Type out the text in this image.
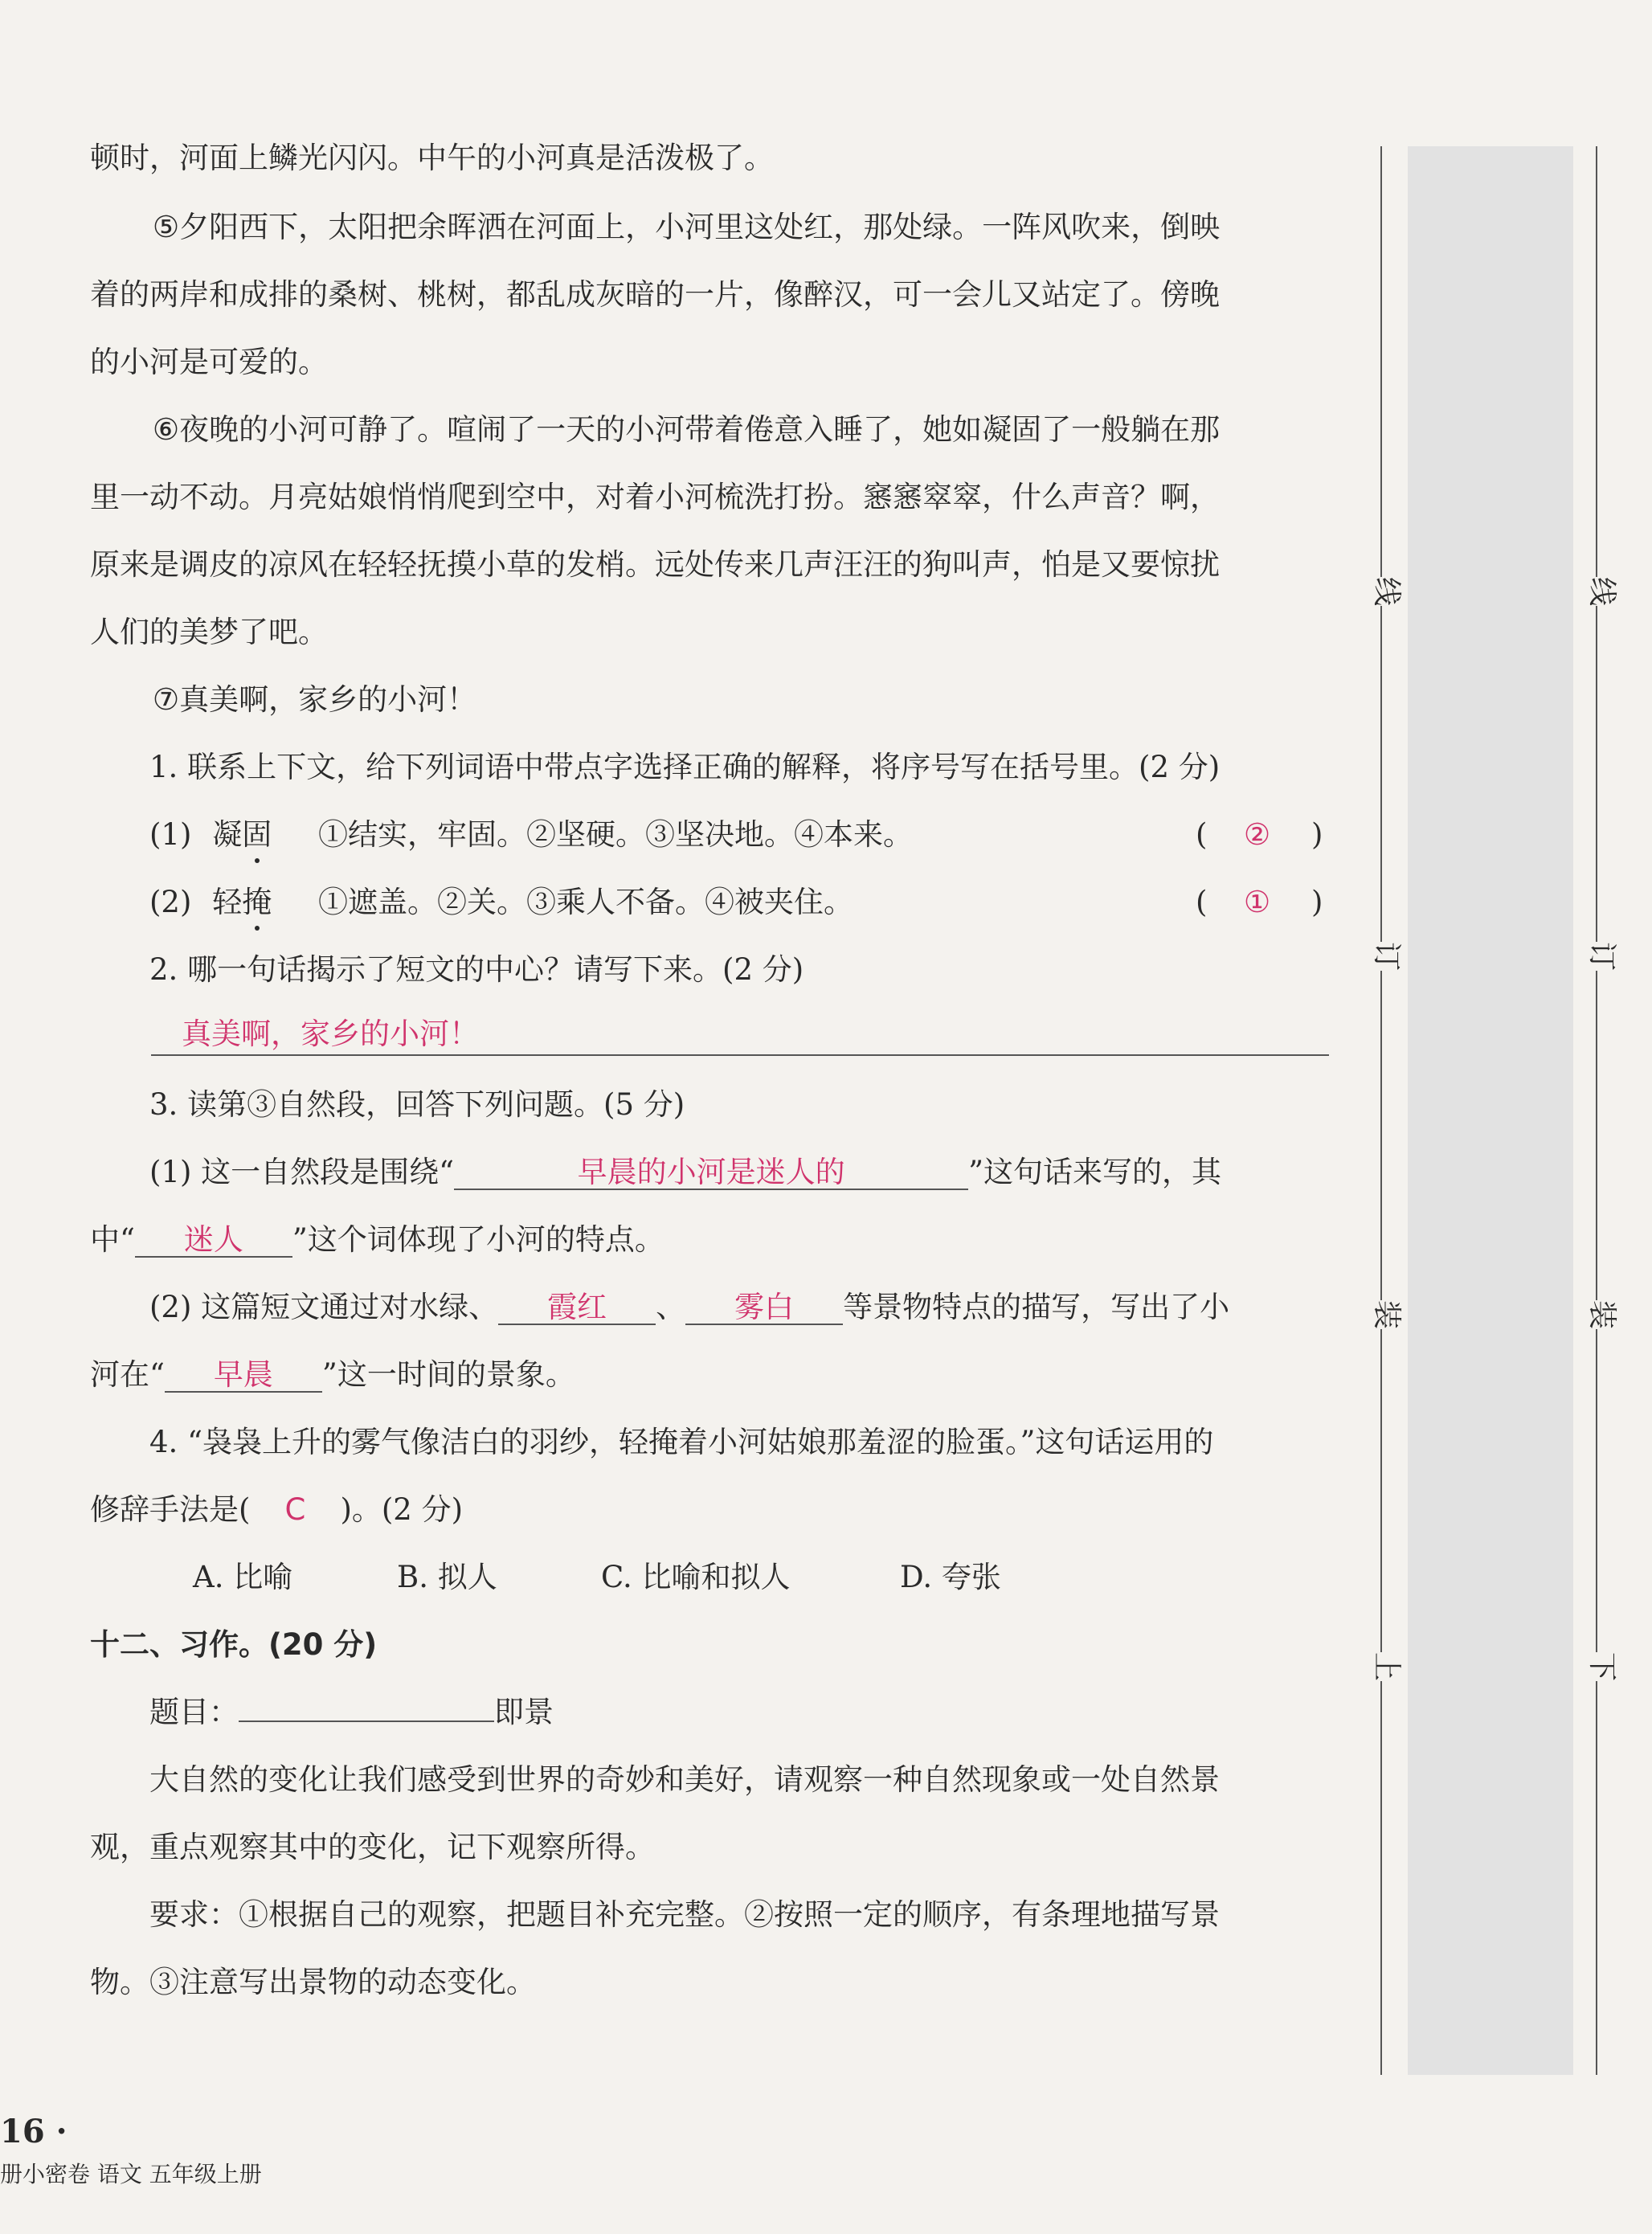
顿时，河面上鳞光闪闪。中午的小河真是活泼极了。
⑤夕阳西下，太阳把余晖洒在河面上，小河里这处红，那处绿。一阵风吹来，倒映
着的两岸和成排的桑树、桃树，都乱成灰暗的一片，像醉汉，可一会儿又站定了。傍晚
的小河是可爱的。
⑥夜晚的小河可静了。喧闹了一天的小河带着倦意入睡了，她如凝固了一般躺在那
里一动不动。月亮姑娘悄悄爬到空中，对着小河梳洗打扮。窸窸窣窣，什么声音？啊，
原来是调皮的凉风在轻轻抚摸小草的发梢。远处传来几声汪汪的狗叫声，怕是又要惊扰
人们的美梦了吧。
⑦真美啊，家乡的小河！
1. 联系上下文，给下列词语中带点字选择正确的解释，将序号写在括号里。(2 分)
(1) 凝固 ①结实，牢固。②坚硬。③坚决地。④本来。	( ② )
(2) 轻掩 ①遮盖。②关。③乘人不备。④被夹住。	( ① )
2. 哪一句话揭示了短文的中心？请写下来。(2 分)
真美啊，家乡的小河！
3. 读第③自然段，回答下列问题。(5 分)
(1) 这一自然段是围绕“	早晨的小河是迷人的	”这句话来写的，其
中“ 迷人 ”这个词体现了小河的特点。
(2) 这篇短文通过对水绿、 霞红 、 雾白 等景物特点的描写，写出了小
河在“ 早晨 ”这一时间的景象。
4. “袅袅上升的雾气像洁白的羽纱，轻掩着小河姑娘那羞涩的脸蛋。”这句话运用的
修辞手法是( C )。(2 分)
A. 比喻	B. 拟人	C. 比喻和拟人	D. 夸张
十二、习作。(20 分)
题目：	即景
大自然的变化让我们感受到世界的奇妙和美好，请观察一种自然现象或一处自然景
观，重点观察其中的变化，记下观察所得。
要求：①根据自己的观察，把题目补充完整。②按照一定的顺序，有条理地描写景
物。③注意写出景物的动态变化。
线
订
装
上
线
订
装
下
16 ·
册小密卷 语文 五年级上册
